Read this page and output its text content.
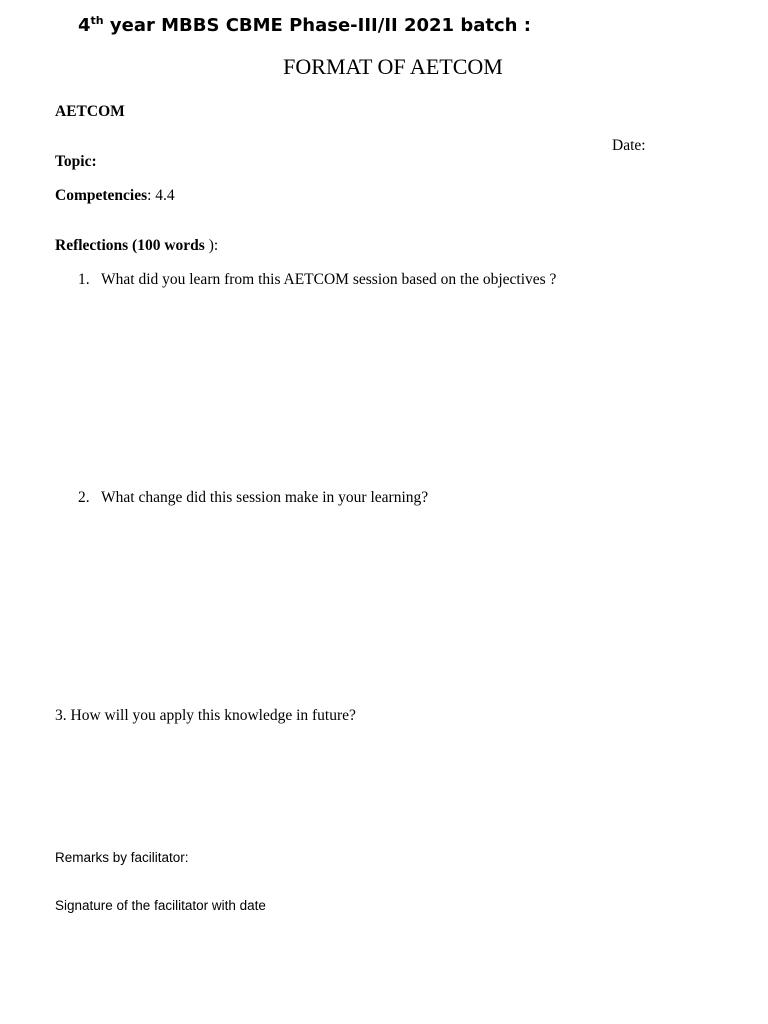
4th year MBBS CBME Phase-III/II 2021 batch :
FORMAT OF AETCOM
AETCOM
Date:
Topic:
Competencies: 4.4
Reflections (100 words ):
1. What did you learn from this AETCOM session based on the objectives ?
2. What change did this session make in your learning?
3. How will you apply this knowledge in future?
Remarks by facilitator:
Signature of the facilitator with date
